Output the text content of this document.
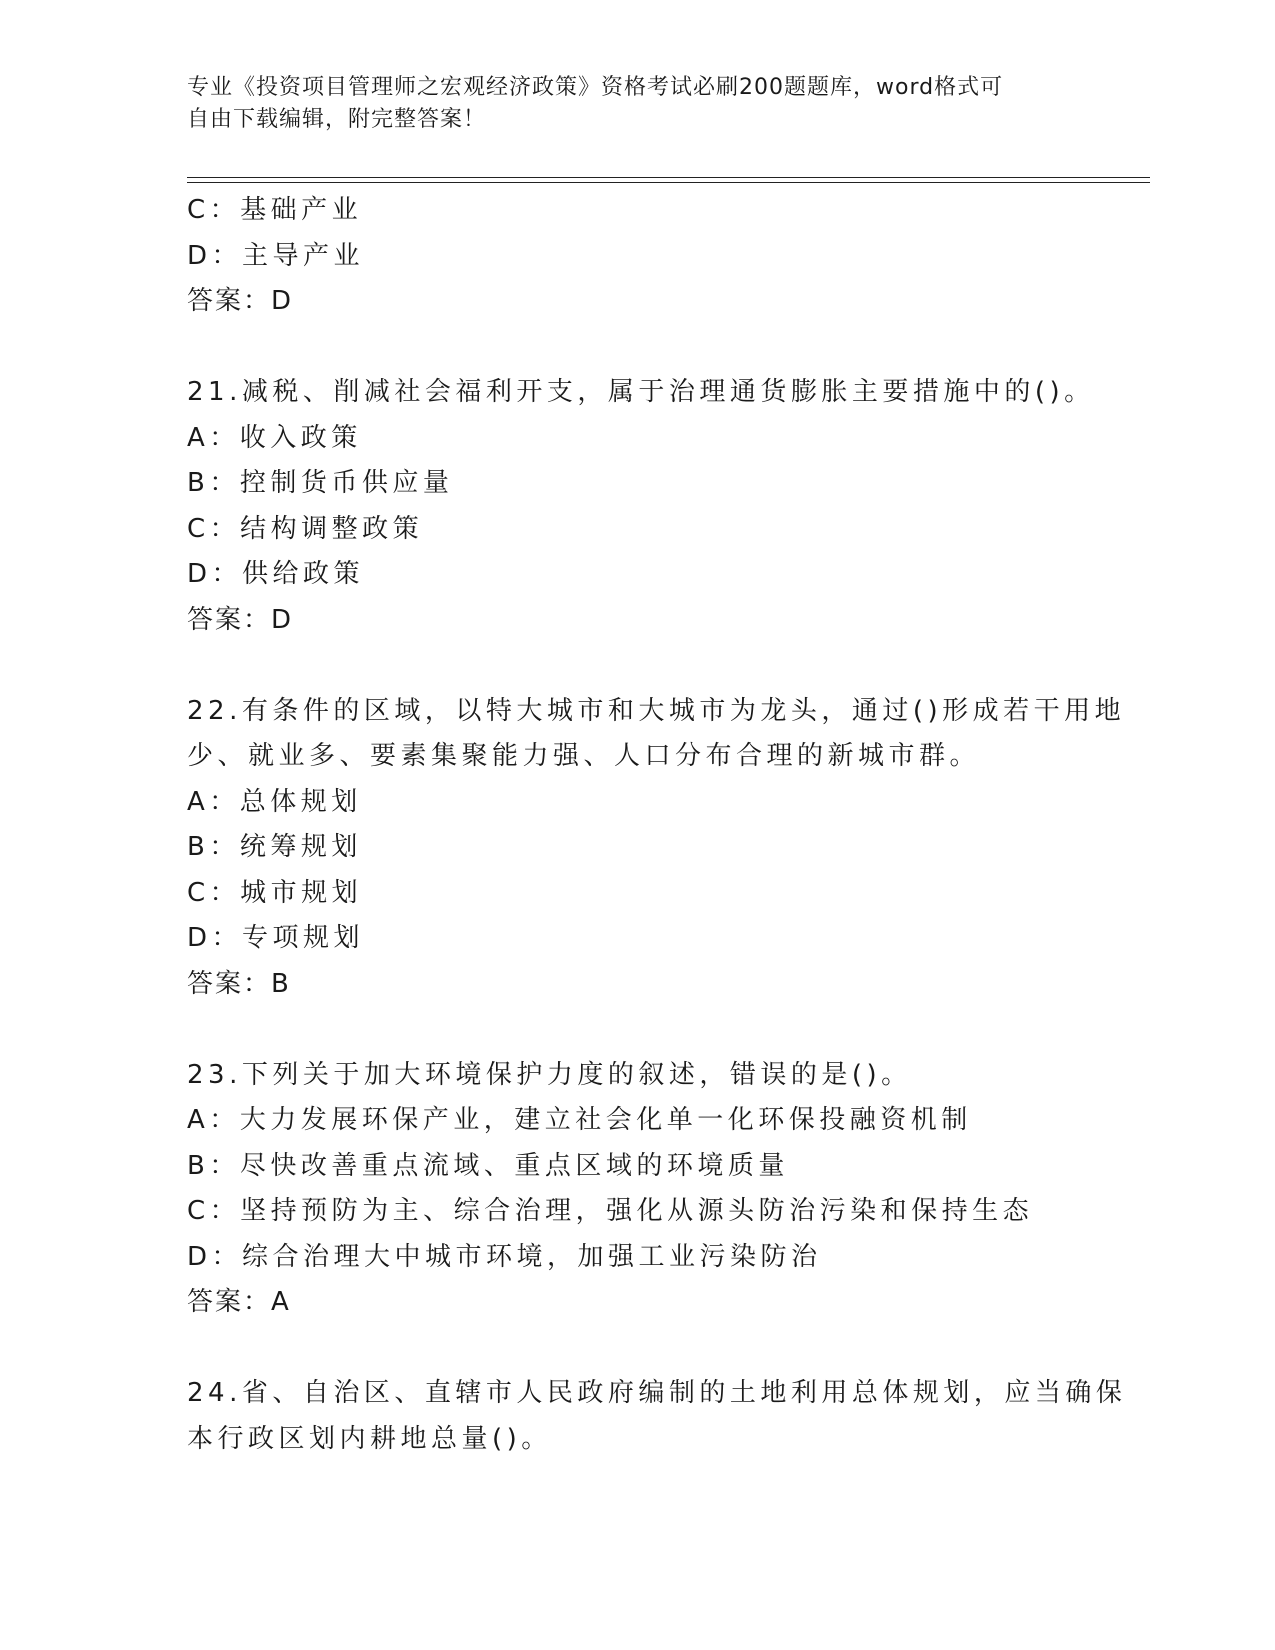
专业《投资项目管理师之宏观经济政策》资格考试必刷200题题库，word格式可
自由下载编辑，附完整答案！
C：基础产业
D：主导产业
答案：D
21.减税、削减社会福利开支，属于治理通货膨胀主要措施中的()。
A：收入政策
B：控制货币供应量
C：结构调整政策
D：供给政策
答案：D
22.有条件的区域，以特大城市和大城市为龙头，通过()形成若干用地
少、就业多、要素集聚能力强、人口分布合理的新城市群。
A：总体规划
B：统筹规划
C：城市规划
D：专项规划
答案：B
23.下列关于加大环境保护力度的叙述，错误的是()。
A：大力发展环保产业，建立社会化单一化环保投融资机制
B：尽快改善重点流域、重点区域的环境质量
C：坚持预防为主、综合治理，强化从源头防治污染和保持生态
D：综合治理大中城市环境，加强工业污染防治
答案：A
24.省、自治区、直辖市人民政府编制的土地利用总体规划，应当确保
本行政区划内耕地总量()。
